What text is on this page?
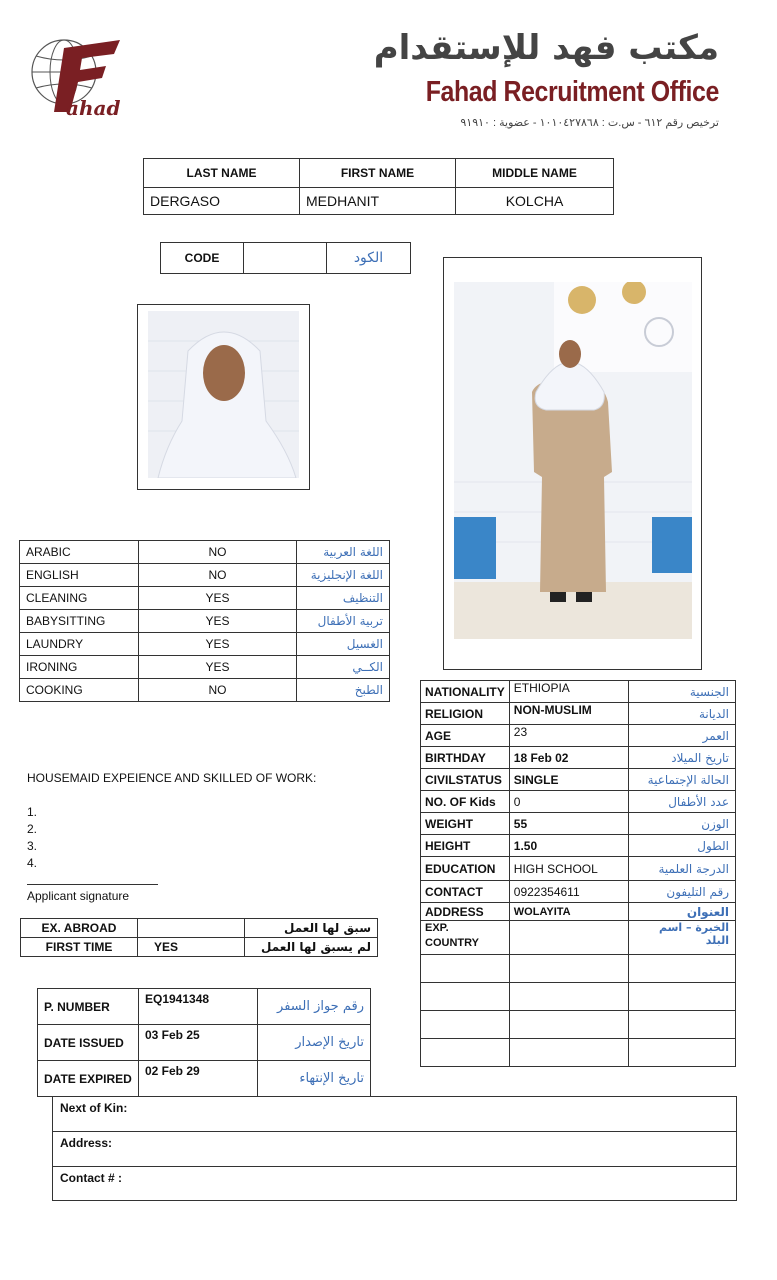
ahad
مكتب فهد للإستقدام
Fahad Recruitment Office
ترخيص رقم ٦١٢ - س.ت : ١٠١٠٤٢٧٨٦٨ - عضوية : ٩١٩١٠
LAST NAME	FIRST NAME	MIDDLE NAME
DERGASO	MEDHANIT	KOLCHA
CODE		الكود
ARABIC	NO	اللغة العربية
ENGLISH	NO	اللغة الإنجليزية
CLEANING	YES	التنظيف
BABYSITTING	YES	تربية الأطفال
LAUNDRY	YES	الغسيل
IRONING	YES	الكــي
COOKING	NO	الطبخ
HOUSEMAID EXPEIENCE AND SKILLED OF WORK:
1.
2.
3.
4.
Applicant signature
EX. ABROAD		سبق لها العمل
FIRST TIME	YES	لم يسبق لها العمل
P. NUMBER	EQ1941348	رقم جواز السفر
DATE ISSUED	03 Feb 25	تاريخ الإصدار
DATE EXPIRED	02 Feb 29	تاريخ الإنتهاء
NATIONALITY	ETHIOPIA	الجنسية
RELIGION	NON-MUSLIM	الديانة
AGE	23	العمر
BIRTHDAY	18 Feb 02	تاريخ الميلاد
CIVILSTATUS	SINGLE	الحالة الإجتماعية
NO. OF Kids	0	عدد الأطفال
WEIGHT	55	الوزن
HEIGHT	1.50	الطول
EDUCATION	HIGH SCHOOL	الدرجة العلمية
CONTACT	0922354611	رقم التليفون
ADDRESS	WOLAYITA	العنوان

EXP.
COUNTRY		الخبرة – اسم البلد

Next of Kin:
Address:
Contact # :
